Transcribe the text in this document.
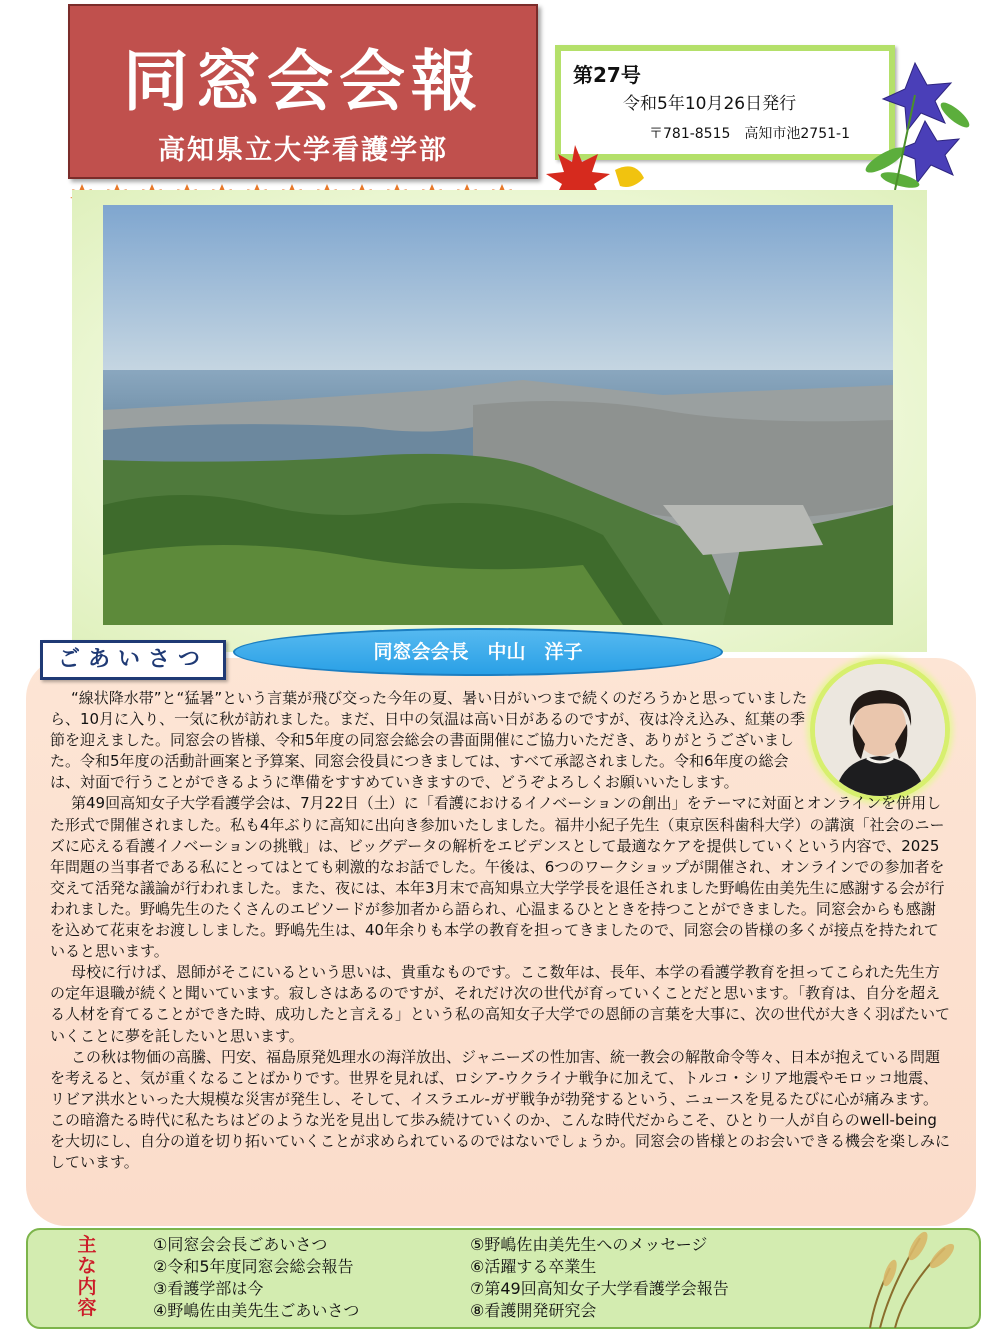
同窓会会報
高知県立大学看護学部
第27号
令和5年10月26日発行
〒781-8515　高知市池2751-1
ごあいさつ	同窓会会長　中山　洋子

“線状降水帯”と“猛暑”という言葉が飛び交った今年の夏、暑い日がいつまで続くのだろうかと思っていましたら、10月に入り、一気に秋が訪れました。まだ、日中の気温は高い日があるのですが、夜は冷え込み、紅葉の季節を迎えました。同窓会の皆様、令和5年度の同窓会総会の書面開催にご協力いただき、ありがとうございました。令和5年度の活動計画案と予算案、同窓会役員につきましては、すべて承認されました。令和6年度の総会は、対面で行うことができるように準備をすすめていきますので、どうぞよろしくお願いいたします。

第49回高知女子大学看護学会は、7月22日（土）に「看護におけるイノベーションの創出」をテーマに対面とオンラインを併用した形式で開催されました。私も4年ぶりに高知に出向き参加いたしました。福井小紀子先生（東京医科歯科大学）の講演「社会のニーズに応える看護イノベーションの挑戦」は、ビッグデータの解析をエビデンスとして最適なケアを提供していくという内容で、2025年問題の当事者である私にとってはとても刺激的なお話でした。午後は、6つのワークショップが開催され、オンラインでの参加者を交えて活発な議論が行われました。また、夜には、本年3月末で高知県立大学学長を退任されました野嶋佐由美先生に感謝する会が行われました。野嶋先生のたくさんのエピソードが参加者から語られ、心温まるひとときを持つことができました。同窓会からも感謝を込めて花束をお渡ししました。野嶋先生は、40年余りも本学の教育を担ってきましたので、同窓会の皆様の多くが接点を持たれていると思います。

母校に行けば、恩師がそこにいるという思いは、貴重なものです。ここ数年は、長年、本学の看護学教育を担ってこられた先生方の定年退職が続くと聞いています。寂しさはあるのですが、それだけ次の世代が育っていくことだと思います。「教育は、自分を超える人材を育てることができた時、成功したと言える」という私の高知女子大学での恩師の言葉を大事に、次の世代が大きく羽ばたいていくことに夢を託したいと思います。

この秋は物価の高騰、円安、福島原発処理水の海洋放出、ジャニーズの性加害、統一教会の解散命令等々、日本が抱えている問題を考えると、気が重くなることばかりです。世界を見れば、ロシア-ウクライナ戦争に加えて、トルコ・シリア地震やモロッコ地震、リビア洪水といった大規模な災害が発生し、そして、イスラエル-ガザ戦争が勃発するという、ニュースを見るたびに心が痛みます。この暗澹たる時代に私たちはどのような光を見出して歩み続けていくのか、こんな時代だからこそ、ひとり一人が自らのwell-beingを大切にし、自分の道を切り拓いていくことが求められているのではないでしょうか。同窓会の皆様とのお会いできる機会を楽しみにしています。

主
な
内
容
①同窓会会長ごあいさつ
②令和5年度同窓会総会報告
③看護学部は今
④野嶋佐由美先生ごあいさつ
⑤野嶋佐由美先生へのメッセージ
⑥活躍する卒業生
⑦第49回高知女子大学看護学会報告
⑧看護開発研究会
